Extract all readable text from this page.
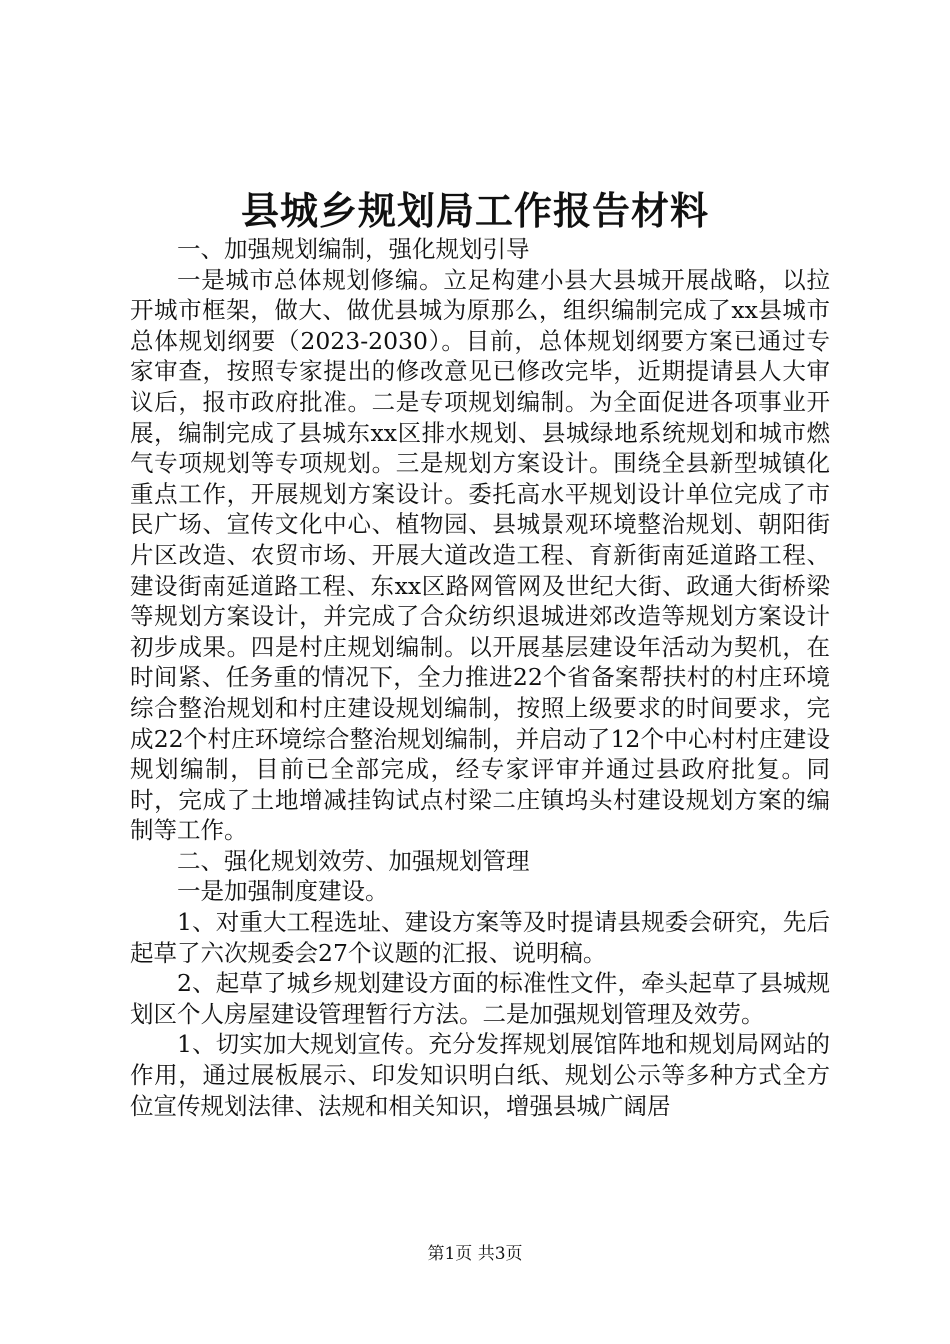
县城乡规划局工作报告材料

一、加强规划编制，强化规划引导

一是城市总体规划修编。立足构建小县大县城开展战略，以拉开城市框架，做大、做优县城为原那么，组织编制完成了xx县城市总体规划纲要（2023-2030）。目前，总体规划纲要方案已通过专家审查，按照专家提出的修改意见已修改完毕，近期提请县人大审议后，报市政府批准。二是专项规划编制。为全面促进各项事业开展，编制完成了县城东xx区排水规划、县城绿地系统规划和城市燃气专项规划等专项规划。三是规划方案设计。围绕全县新型城镇化重点工作，开展规划方案设计。委托高水平规划设计单位完成了市民广场、宣传文化中心、植物园、县城景观环境整治规划、朝阳街片区改造、农贸市场、开展大道改造工程、育新街南延道路工程、建设街南延道路工程、东xx区路网管网及世纪大街、政通大街桥梁等规划方案设计，并完成了合众纺织退城进郊改造等规划方案设计初步成果。四是村庄规划编制。以开展基层建设年活动为契机，在时间紧、任务重的情况下，全力推进22个省备案帮扶村的村庄环境综合整治规划和村庄建设规划编制，按照上级要求的时间要求，完成22个村庄环境综合整治规划编制，并启动了12个中心村村庄建设规划编制，目前已全部完成，经专家评审并通过县政府批复。同时，完成了土地增减挂钩试点村梁二庄镇坞头村建设规划方案的编制等工作。

二、强化规划效劳、加强规划管理

一是加强制度建设。

1、对重大工程选址、建设方案等及时提请县规委会研究，先后起草了六次规委会27个议题的汇报、说明稿。

2、起草了城乡规划建设方面的标准性文件，牵头起草了县城规划区个人房屋建设管理暂行方法。二是加强规划管理及效劳。

1、切实加大规划宣传。充分发挥规划展馆阵地和规划局网站的作用，通过展板展示、印发知识明白纸、规划公示等多种方式全方位宣传规划法律、法规和相关知识，增强县城广阔居

第1页 共3页
